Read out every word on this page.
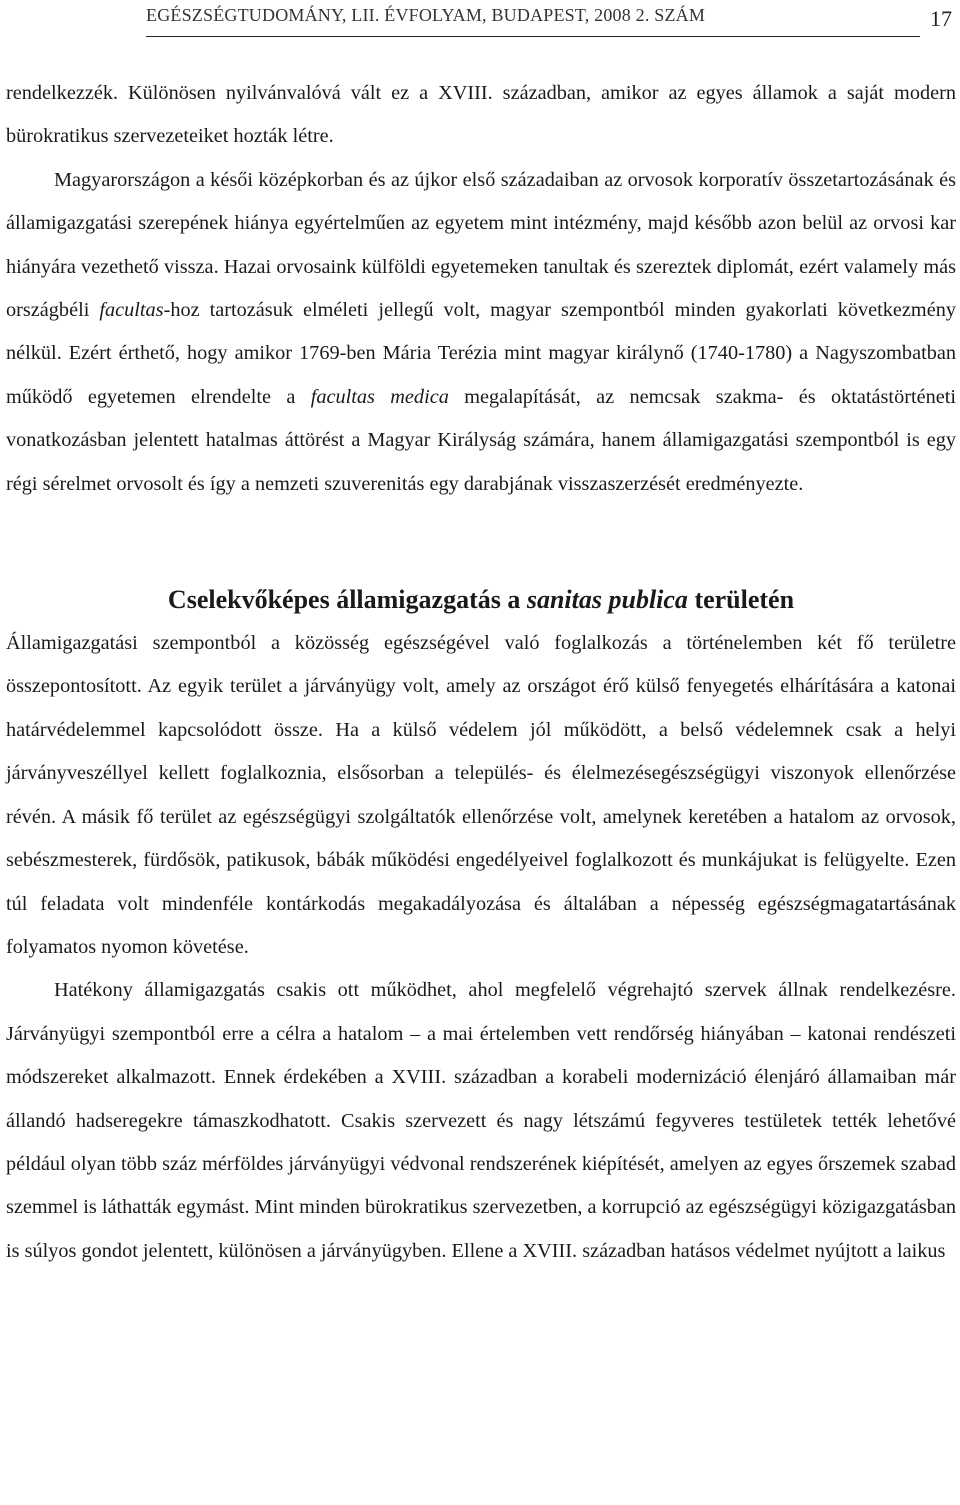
EGÉSZSÉGTUDOMÁNY, LII. ÉVFOLYAM, BUDAPEST, 2008 2. SZÁM	17

rendelkezzék. Különösen nyilvánvalóvá vált ez a XVIII. században, amikor az egyes államok a saját modern bürokratikus szervezeteiket hozták létre.

Magyarországon a késői középkorban és az újkor első századaiban az orvosok korporatív összetartozásának és államigazgatási szerepének hiánya egyértelműen az egyetem mint intézmény, majd később azon belül az orvosi kar hiányára vezethető vissza. Hazai orvosaink külföldi egyetemeken tanultak és szereztek diplomát, ezért valamely más országbéli facultas-hoz tartozásuk elméleti jellegű volt, magyar szempontból minden gyakorlati következmény nélkül. Ezért érthető, hogy amikor 1769-ben Mária Terézia mint magyar királynő (1740-1780) a Nagyszombatban működő egyetemen elrendelte a facultas medica megalapítását, az nemcsak szakma- és oktatástörténeti vonatkozásban jelentett hatalmas áttörést a Magyar Királyság számára, hanem államigazgatási szempontból is egy régi sérelmet orvosolt és így a nemzeti szuverenitás egy darabjának visszaszerzését eredményezte.

Cselekvőképes államigazgatás a sanitas publica területén

Államigazgatási szempontból a közösség egészségével való foglalkozás a történelemben két fő területre összepontosított. Az egyik terület a járványügy volt, amely az országot érő külső fenyegetés elhárítására a katonai határvédelemmel kapcsolódott össze. Ha a külső védelem jól működött, a belső védelemnek csak a helyi járványveszéllyel kellett foglalkoznia, elsősorban a település- és élelmezésegészségügyi viszonyok ellenőrzése révén. A másik fő terület az egészségügyi szolgáltatók ellenőrzése volt, amelynek keretében a hatalom az orvosok, sebészmesterek, fürdősök, patikusok, bábák működési engedélyeivel foglalkozott és munkájukat is felügyelte. Ezen túl feladata volt mindenféle kontárkodás megakadályozása és általában a népesség egészségmagatartásának folyamatos nyomon követése.

Hatékony államigazgatás csakis ott működhet, ahol megfelelő végrehajtó szervek állnak rendelkezésre. Járványügyi szempontból erre a célra a hatalom – a mai értelemben vett rendőrség hiányában – katonai rendészeti módszereket alkalmazott. Ennek érdekében a XVIII. században a korabeli modernizáció élenjáró államaiban már állandó hadseregekre támaszkodhatott. Csakis szervezett és nagy létszámú fegyveres testületek tették lehetővé például olyan több száz mérföldes járványügyi védvonal rendszerének kiépítését, amelyen az egyes őrszemek szabad szemmel is láthatták egymást. Mint minden bürokratikus szervezetben, a korrupció az egészségügyi közigazgatásban is súlyos gondot jelentett, különösen a járványügyben. Ellene a XVIII. században hatásos védelmet nyújtott a laikus
